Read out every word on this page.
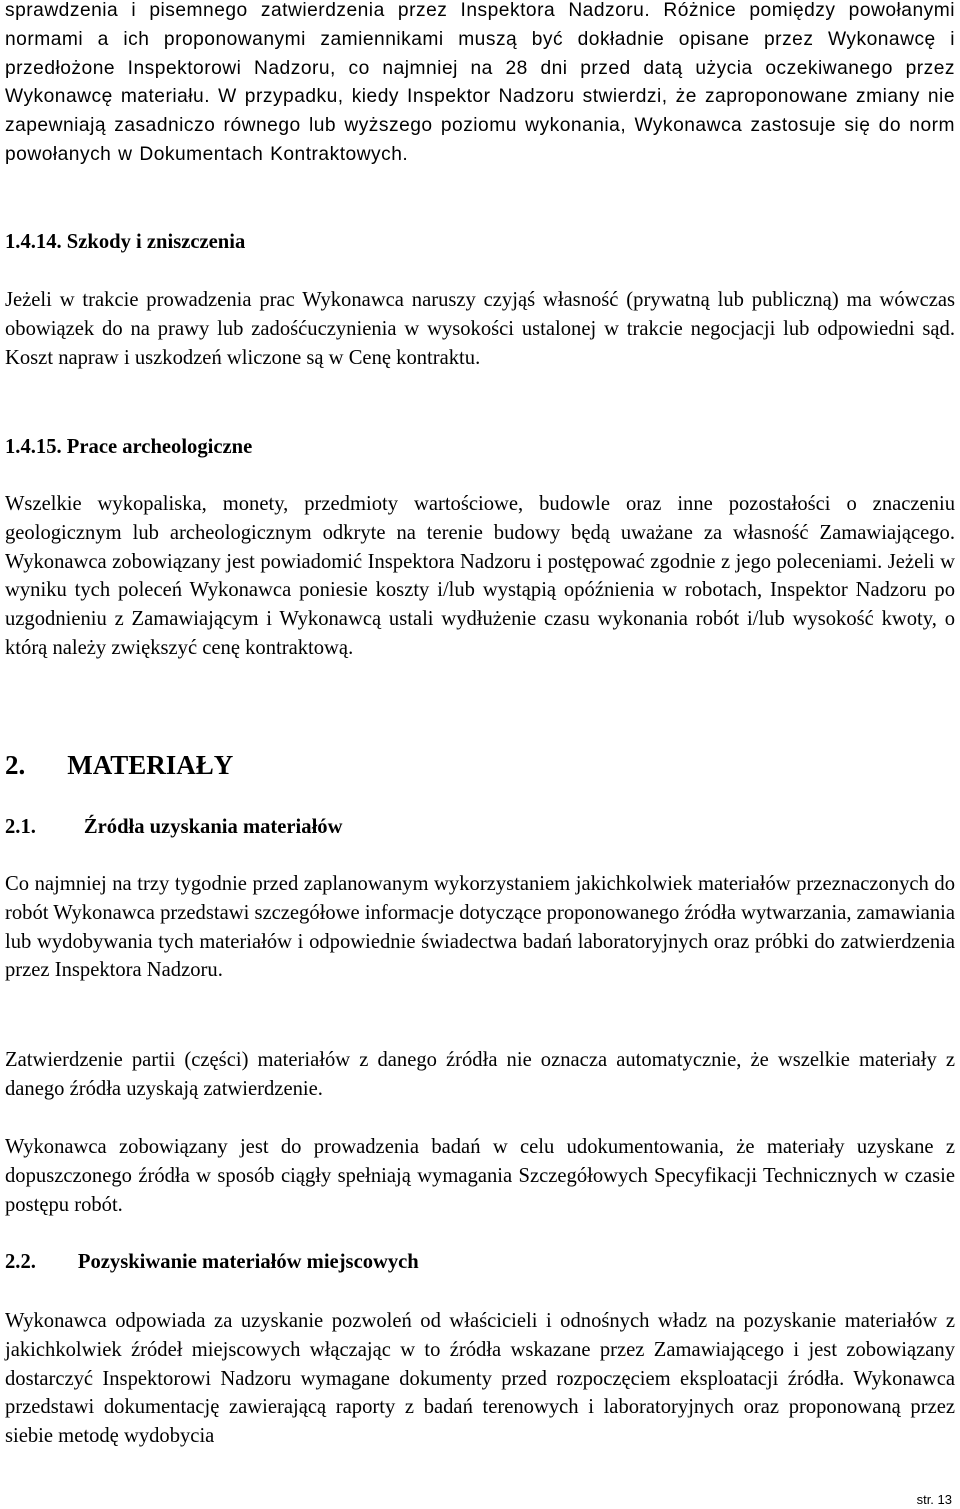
sprawdzenia i pisemnego zatwierdzenia przez Inspektora Nadzoru. Różnice pomiędzy powołanymi normami a ich proponowanymi zamiennikami muszą być dokładnie opisane przez Wykonawcę i przedłożone Inspektorowi Nadzoru, co najmniej na 28 dni przed datą użycia oczekiwanego przez Wykonawcę materiału. W przypadku, kiedy Inspektor Nadzoru stwierdzi, że zaproponowane zmiany nie zapewniają zasadniczo równego lub wyższego poziomu wykonania, Wykonawca zastosuje się do norm powołanych w Dokumentach Kontraktowych.

1.4.14. Szkody i zniszczenia

Jeżeli w trakcie prowadzenia prac Wykonawca naruszy czyjąś własność (prywatną lub publiczną) ma wówczas obowiązek do na prawy lub zadośćuczynienia w wysokości ustalonej w trakcie negocjacji lub odpowiedni sąd. Koszt napraw i uszkodzeń wliczone są w Cenę kontraktu.

1.4.15. Prace archeologiczne

Wszelkie wykopaliska, monety, przedmioty wartościowe, budowle oraz inne pozostałości o znaczeniu geologicznym lub archeologicznym odkryte na terenie budowy będą uważane za własność Zamawiającego. Wykonawca zobowiązany jest powiadomić Inspektora Nadzoru i postępować zgodnie z jego poleceniami. Jeżeli w wyniku tych poleceń Wykonawca poniesie koszty i/lub wystąpią opóźnienia w robotach, Inspektor Nadzoru po uzgodnieniu z Zamawiającym i Wykonawcą ustali wydłużenie czasu wykonania robót i/lub wysokość kwoty, o którą należy zwiększyć cenę kontraktową.

2. MATERIAŁY

2.1. Źródła uzyskania materiałów

Co najmniej na trzy tygodnie przed zaplanowanym wykorzystaniem jakichkolwiek materiałów przeznaczonych do robót Wykonawca przedstawi szczegółowe informacje dotyczące proponowanego źródła wytwarzania, zamawiania lub wydobywania tych materiałów i odpowiednie świadectwa badań laboratoryjnych oraz próbki do zatwierdzenia przez Inspektora Nadzoru.

Zatwierdzenie partii (części) materiałów z danego źródła nie oznacza automatycznie, że wszelkie materiały z danego źródła uzyskają zatwierdzenie.

Wykonawca zobowiązany jest do prowadzenia badań w celu udokumentowania, że materiały uzyskane z dopuszczonego źródła w sposób ciągły spełniają wymagania Szczegółowych Specyfikacji Technicznych w czasie postępu robót.

2.2. Pozyskiwanie materiałów miejscowych

Wykonawca odpowiada za uzyskanie pozwoleń od właścicieli i odnośnych władz na pozyskanie materiałów z jakichkolwiek źródeł miejscowych włączając w to źródła wskazane przez Zamawiającego i jest zobowiązany dostarczyć Inspektorowi Nadzoru wymagane dokumenty przed rozpoczęciem eksploatacji źródła. Wykonawca przedstawi dokumentację zawierającą raporty z badań terenowych i laboratoryjnych oraz proponowaną przez siebie metodę wydobycia

str. 13
